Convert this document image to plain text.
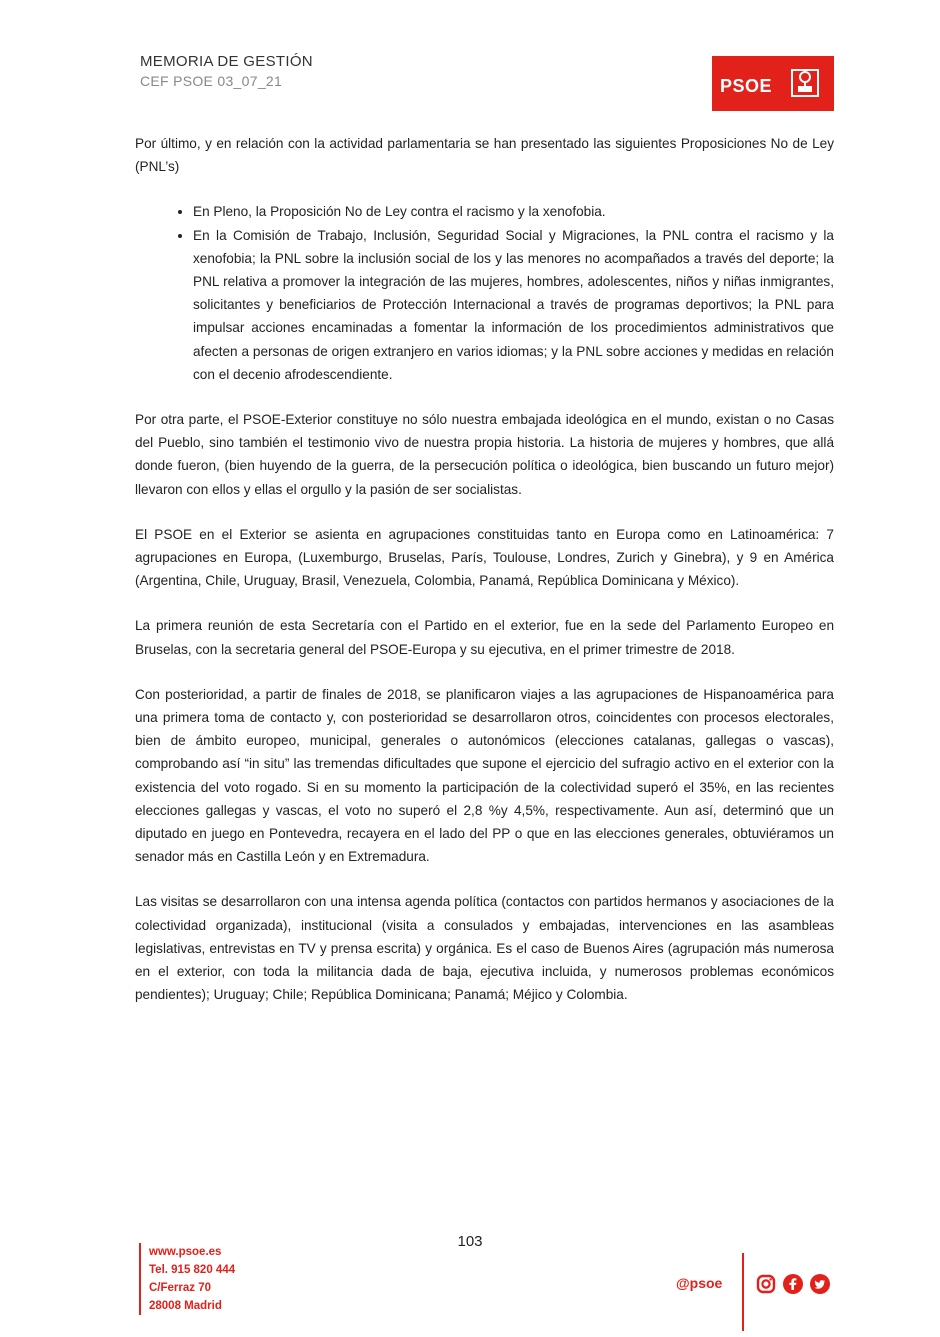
MEMORIA DE GESTIÓN
CEF PSOE 03_07_21	PSOE

Por último, y en relación con la actividad parlamentaria se han presentado las siguientes Proposiciones No de Ley (PNL’s)

• En Pleno, la Proposición No de Ley contra el racismo y la xenofobia.
• En la Comisión de Trabajo, Inclusión, Seguridad Social y Migraciones, la PNL contra el racismo y la xenofobia; la PNL sobre la inclusión social de los y las menores no acompañados a través del deporte; la PNL relativa a promover la integración de las mujeres, hombres, adolescentes, niños y niñas inmigrantes, solicitantes y beneficiarios de Protección Internacional a través de programas deportivos; la PNL para impulsar acciones encaminadas a fomentar la información de los procedimientos administrativos que afecten a personas de origen extranjero en varios idiomas; y la PNL sobre acciones y medidas en relación con el decenio afrodescendiente.

Por otra parte, el PSOE-Exterior constituye no sólo nuestra embajada ideológica en el mundo, existan o no Casas del Pueblo, sino también el testimonio vivo de nuestra propia historia. La historia de mujeres y hombres, que allá donde fueron, (bien huyendo de la guerra, de la persecución política o ideológica, bien buscando un futuro mejor) llevaron con ellos y ellas el orgullo y la pasión de ser socialistas.

El PSOE en el Exterior se asienta en agrupaciones constituidas tanto en Europa como en Latinoamérica: 7 agrupaciones en Europa, (Luxemburgo, Bruselas, París, Toulouse, Londres, Zurich y Ginebra), y 9 en América (Argentina, Chile, Uruguay, Brasil, Venezuela, Colombia, Panamá, República Dominicana y México).

La primera reunión de esta Secretaría con el Partido en el exterior, fue en la sede del Parlamento Europeo en Bruselas, con la secretaria general del PSOE-Europa y su ejecutiva, en el primer trimestre de 2018.

Con posterioridad, a partir de finales de 2018, se planificaron viajes a las agrupaciones de Hispanoamérica para una primera toma de contacto y, con posterioridad se desarrollaron otros, coincidentes con procesos electorales, bien de ámbito europeo, municipal, generales o autonómicos (elecciones catalanas, gallegas o vascas), comprobando así “in situ” las tremendas dificultades que supone el ejercicio del sufragio activo en el exterior con la existencia del voto rogado. Si en su momento la participación de la colectividad superó el 35%, en las recientes elecciones gallegas y vascas, el voto no superó el 2,8 %y 4,5%, respectivamente. Aun así, determinó que un diputado en juego en Pontevedra, recayera en el lado del PP o que en las elecciones generales, obtuviéramos un senador más en Castilla León y en Extremadura.

Las visitas se desarrollaron con una intensa agenda política (contactos con partidos hermanos y asociaciones de la colectividad organizada), institucional (visita a consulados y embajadas, intervenciones en las asambleas legislativas, entrevistas en TV y prensa escrita) y orgánica. Es el caso de Buenos Aires (agrupación más numerosa en el exterior, con toda la militancia dada de baja, ejecutiva incluida, y numerosos problemas económicos pendientes); Uruguay; Chile; República Dominicana; Panamá; Méjico y Colombia.

103
www.psoe.es
Tel. 915 820 444
C/Ferraz 70
28008 Madrid
@psoe
